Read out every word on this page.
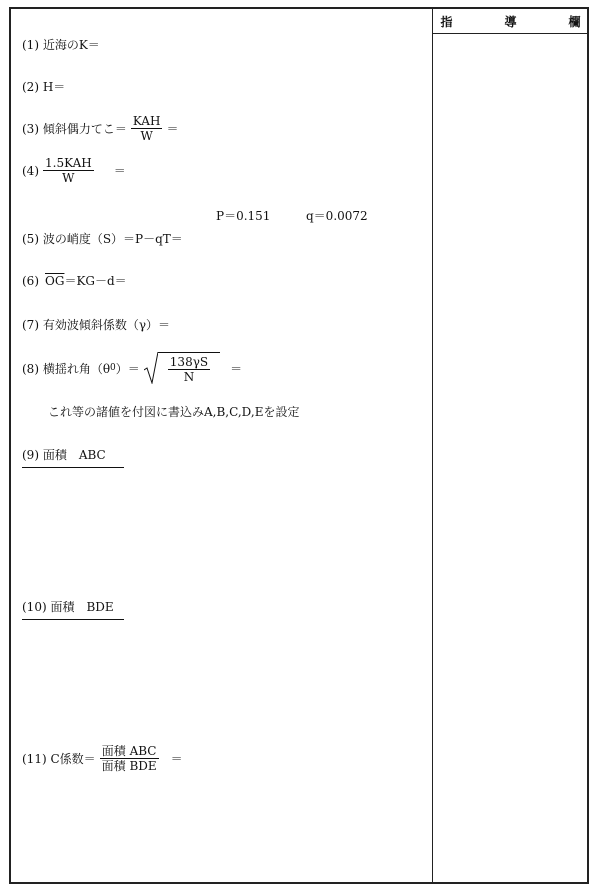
指　導　欄
(1) 近海のK＝
(2) H＝
(3) 傾斜偶力てこ＝ $\frac{\text{KAH}}{W}$ ＝
$(4) \frac{\text{1.5KAH}}{W}$ ＝
P＝0.151	q＝0.0072
(5) 波の峭度（S）＝P－qT＝
(6) $\overline{OG} =KG-d=$
(7) 有効波傾斜係数（γ）＝
(8) 横揺れ角（θ 0 ）＝ $\frac{138\gamma S}{N}$ ＝
これ等の諸値を付図に書込みA,B,C,D,Eを設定
(9) 面積　ABC
(10) 面積　BDE
(11) C係数＝ $\frac{\text{面積 ABC}}{\text{面積 BDE}}$ ＝
